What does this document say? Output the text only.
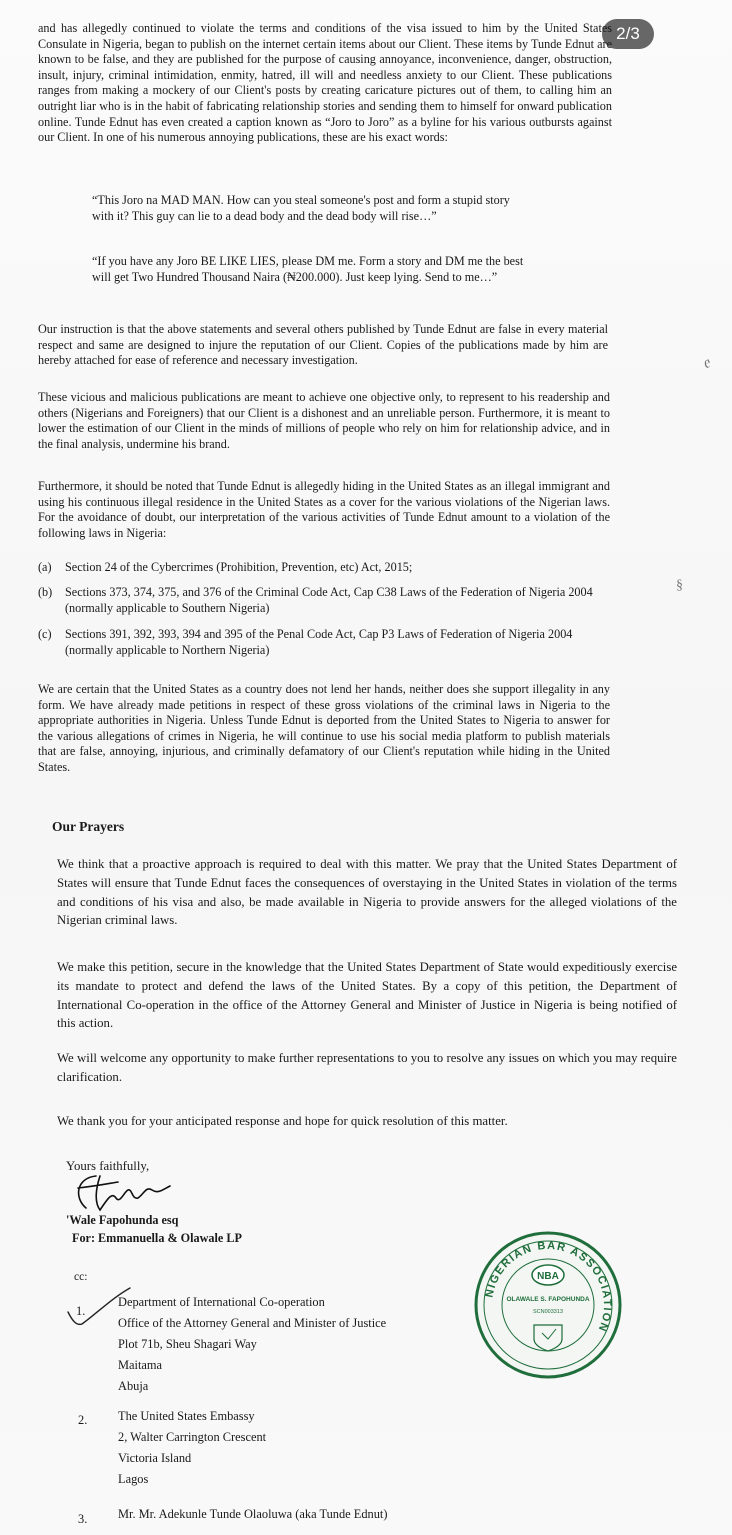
2/3

and has allegedly continued to violate the terms and conditions of the visa issued to him by the United States Consulate in Nigeria, began to publish on the internet certain items about our Client. These items by Tunde Ednut are known to be false, and they are published for the purpose of causing annoyance, inconvenience, danger, obstruction, insult, injury, criminal intimidation, enmity, hatred, ill will and needless anxiety to our Client. These publications ranges from making a mockery of our Client's posts by creating caricature pictures out of them, to calling him an outright liar who is in the habit of fabricating relationship stories and sending them to himself for onward publication online. Tunde Ednut has even created a caption known as “Joro to Joro” as a byline for his various outbursts against our Client. In one of his numerous annoying publications, these are his exact words:

“This Joro na MAD MAN. How can you steal someone's post and form a stupid story with it? This guy can lie to a dead body and the dead body will rise…”

“If you have any Joro BE LIKE LIES, please DM me. Form a story and DM me the best will get Two Hundred Thousand Naira (₦200.000). Just keep lying. Send to me…”

Our instruction is that the above statements and several others published by Tunde Ednut are false in every material respect and same are designed to injure the reputation of our Client. Copies of the publications made by him are hereby attached for ease of reference and necessary investigation.

These vicious and malicious publications are meant to achieve one objective only, to represent to his readership and others (Nigerians and Foreigners) that our Client is a dishonest and an unreliable person. Furthermore, it is meant to lower the estimation of our Client in the minds of millions of people who rely on him for relationship advice, and in the final analysis, undermine his brand.

Furthermore, it should be noted that Tunde Ednut is allegedly hiding in the United States as an illegal immigrant and using his continuous illegal residence in the United States as a cover for the various violations of the Nigerian laws. For the avoidance of doubt, our interpretation of the various activities of Tunde Ednut amount to a violation of the following laws in Nigeria:

(a)	Section 24 of the Cybercrimes (Prohibition, Prevention, etc) Act, 2015;
(b)	Sections 373, 374, 375, and 376 of the Criminal Code Act, Cap C38 Laws of the Federation of Nigeria 2004 (normally applicable to Southern Nigeria)
(c)	Sections 391, 392, 393, 394 and 395 of the Penal Code Act, Cap P3 Laws of Federation of Nigeria 2004 (normally applicable to Northern Nigeria)

We are certain that the United States as a country does not lend her hands, neither does she support illegality in any form. We have already made petitions in respect of these gross violations of the criminal laws in Nigeria to the appropriate authorities in Nigeria. Unless Tunde Ednut is deported from the United States to Nigeria to answer for the various allegations of crimes in Nigeria, he will continue to use his social media platform to publish materials that are false, annoying, injurious, and criminally defamatory of our Client's reputation while hiding in the United States.

Our Prayers

We think that a proactive approach is required to deal with this matter. We pray that the United States Department of States will ensure that Tunde Ednut faces the consequences of overstaying in the United States in violation of the terms and conditions of his visa and also, be made available in Nigeria to provide answers for the alleged violations of the Nigerian criminal laws.

We make this petition, secure in the knowledge that the United States Department of State would expeditiously exercise its mandate to protect and defend the laws of the United States. By a copy of this petition, the Department of International Co-operation in the office of the Attorney General and Minister of Justice in Nigeria is being notified of this action.

We will welcome any opportunity to make further representations to you to resolve any issues on which you may require clarification.

We thank you for your anticipated response and hope for quick resolution of this matter.

Yours faithfully,
'Wale Fapohunda esq
For: Emmanuella & Olawale LP
cc:
1.
Department of International Co-operation
Office of the Attorney General and Minister of Justice
Plot 71b, Sheu Shagari Way
Maitama
Abuja
2. The United States Embassy
2, Walter Carrington Crescent
Victoria Island
Lagos
3. Mr. Mr. Adekunle Tunde Olaoluwa (aka Tunde Ednut)
NIGERIAN BAR ASSOCIATION
NBA
OLAWALE S. FAPOHUNDA
SCN003313
𝔢
§
